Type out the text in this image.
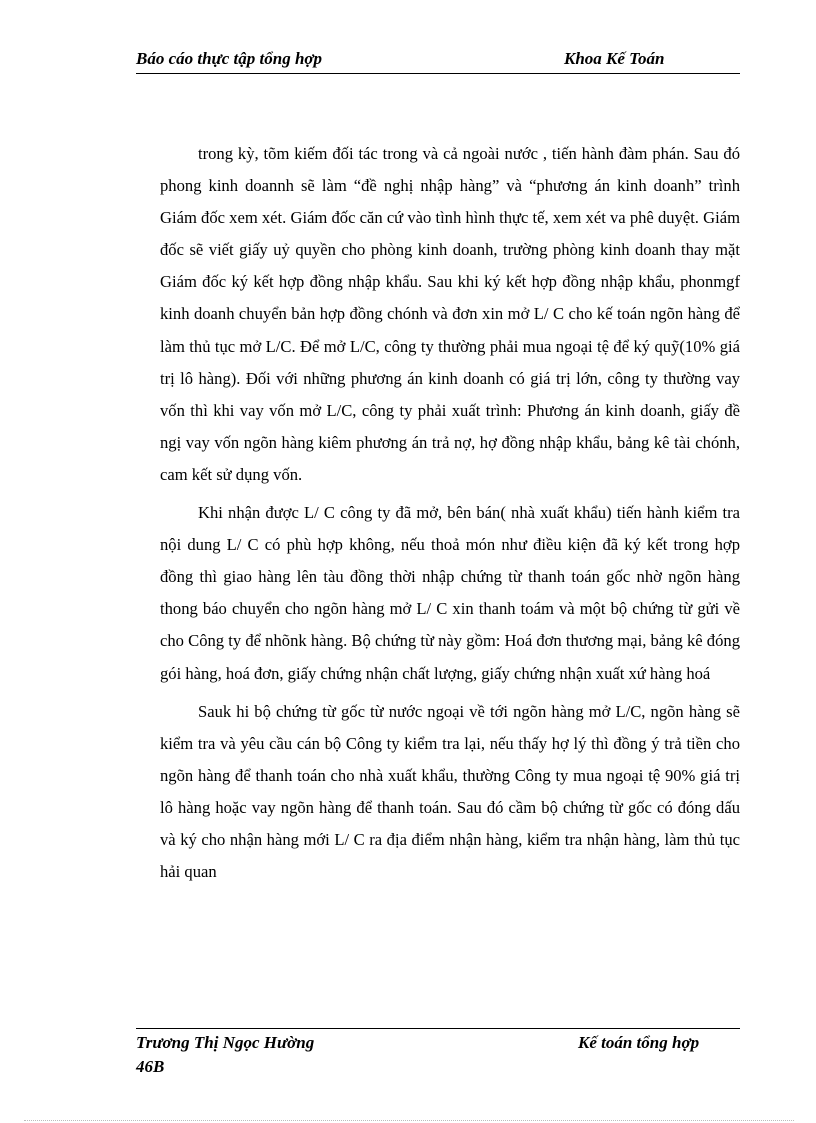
Báo cáo thực tập tổng hợp	Khoa Kế Toán

trong kỳ, tõm kiếm đối tác trong và cả ngoài nước , tiến hành đàm phán. Sau đó phong kinh doannh sẽ làm “đề nghị nhập hàng” và “phương án kinh doanh” trình Giám đốc xem xét. Giám đốc căn cứ vào tình hình thực tế, xem xét va phê duyệt. Giám đốc sẽ viết giấy uỷ quyền cho phòng kinh doanh, trường phòng kinh doanh thay mặt Giám đốc ký kết hợp đồng nhập khẩu. Sau khi ký kết hợp đồng nhập khẩu, phonmgf kinh doanh chuyển bản hợp đồng chónh và đơn xin mở L/ C cho kế toán ngõn hàng để làm thủ tục mở L/C. Để mở L/C, công ty thường phải mua ngoại tệ để ký quỹ(10% giá trị lô hàng). Đối với những phương án kinh doanh có giá trị lớn, công ty thường vay vốn thì khi vay vốn mở L/C, công ty phải xuất trình: Phương án kinh doanh, giấy đề ngị vay vốn ngõn hàng kiêm phương án trả nợ, hợ đồng nhập khẩu, bảng kê tài chónh, cam kết sử dụng vốn.

Khi nhận được L/ C công ty đã mở, bên bán( nhà xuất khẩu) tiến hành kiểm tra nội dung L/ C có phù hợp không, nếu thoả món như điều kiện đã ký kết trong hợp đồng thì giao hàng lên tàu đồng thời nhập chứng từ thanh toán gốc nhờ ngõn hàng thong báo chuyển cho ngõn hàng mở L/ C xin thanh toám và một bộ chứng từ gửi về cho Công ty để nhõnk hàng. Bộ chứng từ này gồm: Hoá đơn thương mại, bảng kê đóng gói hàng, hoá đơn, giấy chứng nhận chất lượng, giấy chứng nhận xuất xứ hàng hoá

Sauk hi bộ chứng từ gốc từ nước ngoại về tới ngõn hàng mở L/C, ngõn hàng sẽ kiểm tra và yêu cầu cán bộ Công ty kiểm tra lại, nếu thấy hợ lý thì đồng ý trả tiền cho ngõn hàng để thanh toán cho nhà xuất khẩu, thường Công ty mua ngoại tệ 90% giá trị lô hàng hoặc vay ngõn hàng để thanh toán. Sau đó cầm bộ chứng từ gốc có đóng dấu và ký cho nhận hàng mới L/ C ra địa điểm nhận hàng, kiểm tra nhận hàng, làm thủ tục hải quan

Trương Thị Ngọc Hường	Kế toán tổng hợp
46B
